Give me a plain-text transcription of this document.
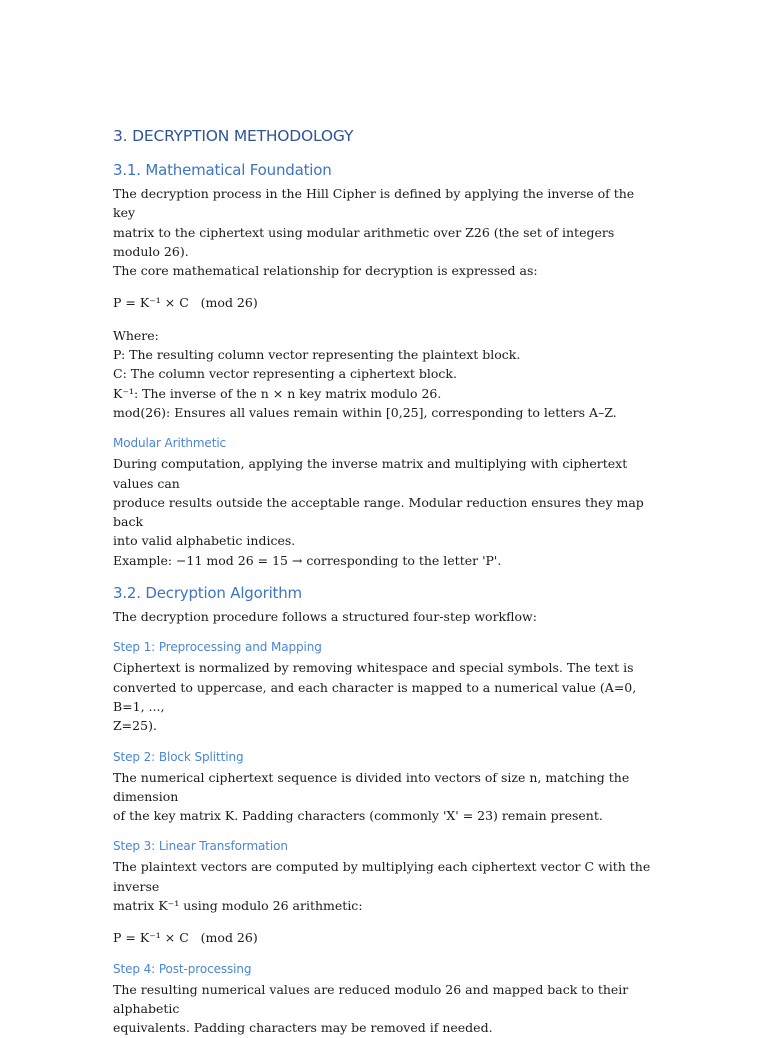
3. DECRYPTION METHODOLOGY
3.1. Mathematical Foundation

The decryption process in the Hill Cipher is defined by applying the inverse of the key

matrix to the ciphertext using modular arithmetic over Z26 (the set of integers modulo 26).

The core mathematical relationship for decryption is expressed as:

P = K⁻¹ × C   (mod 26)

Where:

P: The resulting column vector representing the plaintext block.

C: The column vector representing a ciphertext block.

K⁻¹: The inverse of the n × n key matrix modulo 26.

mod(26): Ensures all values remain within [0,25], corresponding to letters A–Z.

Modular Arithmetic

During computation, applying the inverse matrix and multiplying with ciphertext values can

produce results outside the acceptable range. Modular reduction ensures they map back

into valid alphabetic indices.

Example: −11 mod 26 = 15 → corresponding to the letter 'P'.

3.2. Decryption Algorithm

The decryption procedure follows a structured four-step workflow:

Step 1: Preprocessing and Mapping

Ciphertext is normalized by removing whitespace and special symbols. The text is

converted to uppercase, and each character is mapped to a numerical value (A=0, B=1, ...,

Z=25).

Step 2: Block Splitting

The numerical ciphertext sequence is divided into vectors of size n, matching the dimension

of the key matrix K. Padding characters (commonly 'X' = 23) remain present.

Step 3: Linear Transformation

The plaintext vectors are computed by multiplying each ciphertext vector C with the inverse

matrix K⁻¹ using modulo 26 arithmetic:

P = K⁻¹ × C   (mod 26)

Step 4: Post-processing

The resulting numerical values are reduced modulo 26 and mapped back to their alphabetic

equivalents. Padding characters may be removed if needed.
